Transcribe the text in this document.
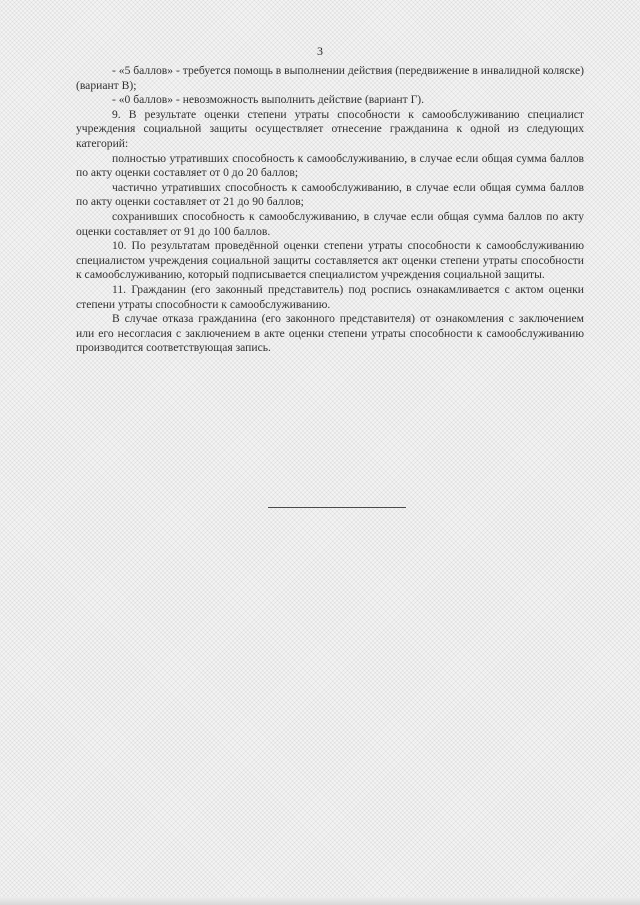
3

- «5 баллов» - требуется помощь в выполнении действия (передвижение в инвалидной коляске) (вариант В);

- «0 баллов» - невозможность выполнить действие (вариант Г).

9. В результате оценки степени утраты способности к самообслуживанию специалист учреждения социальной защиты осуществляет отнесение гражданина к одной из следующих категорий:

полностью утративших способность к самообслуживанию, в случае если общая сумма баллов по акту оценки составляет от 0 до 20 баллов;

частично утративших способность к самообслуживанию, в случае если общая сумма баллов по акту оценки составляет от 21 до 90 баллов;

сохранивших способность к самообслуживанию, в случае если общая сумма баллов по акту оценки составляет от 91 до 100 баллов.

10. По результатам проведённой оценки степени утраты способности к самообслуживанию специалистом учреждения социальной защиты составляется акт оценки степени утраты способности к самообслуживанию, который подписывается специалистом учреждения социальной защиты.

11. Гражданин (его законный представитель) под роспись ознакамливается с актом оценки степени утраты способности к самообслуживанию.

В случае отказа гражданина (его законного представителя) от ознакомления с заключением или его несогласия с заключением в акте оценки степени утраты способности к самообслуживанию производится соответствующая запись.
